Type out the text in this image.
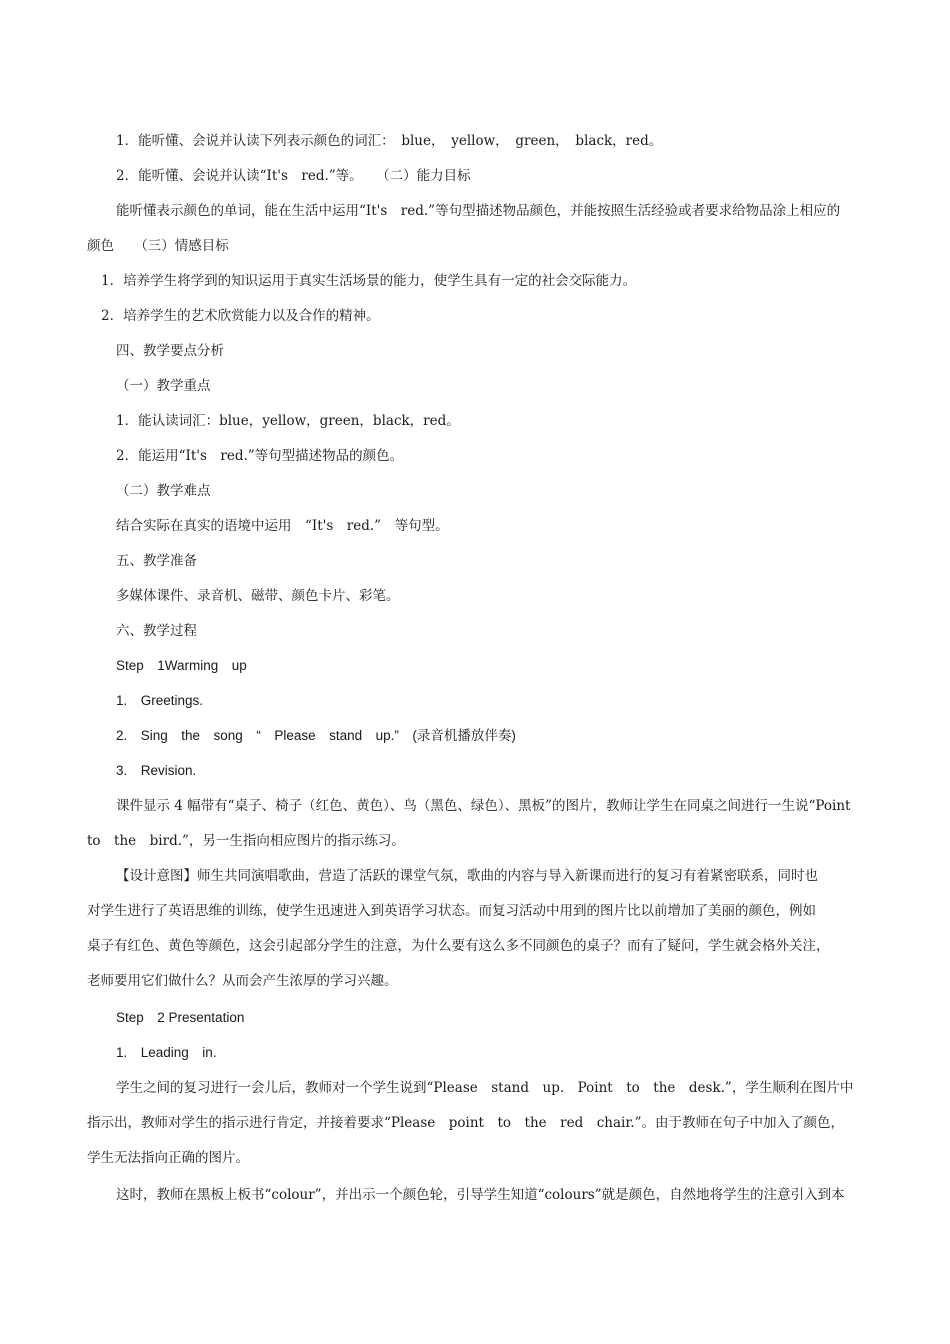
1．能听懂、会说并认读下列表示颜色的词汇：　blue，　yellow，　green，　black，red。
2．能听懂、会说并认读“It's　red.”等。　　（二）能力目标
能听懂表示颜色的单词，能在生活中运用“It's　red.”等句型描述物品颜色，并能按照生活经验或者要求给物品涂上相应的
颜色　　（三）情感目标
1．培养学生将学到的知识运用于真实生活场景的能力，使学生具有一定的社会交际能力。
2．培养学生的艺术欣赏能力以及合作的精神。
四、教学要点分析
（一）教学重点
1．能认读词汇：blue，yellow，green，black，red。
2．能运用“It's　red.”等句型描述物品的颜色。
（二）教学难点
结合实际在真实的语境中运用　“It's　red.”　等句型。
五、教学准备
多媒体课件、录音机、磁带、颜色卡片、彩笔。
六、教学过程
Step　1Warming　up
1.　Greetings.
2.　Sing　the　song　“　Please　stand　up.”　(录音机播放伴奏)
3.　Revision.
课件显示 4 幅带有“桌子、椅子（红色、黄色）、鸟（黑色、绿色）、黑板”的图片，教师让学生在同桌之间进行一生说“Point
to　the　bird.”，另一生指向相应图片的指示练习。
【设计意图】师生共同演唱歌曲，营造了活跃的课堂气氛，歌曲的内容与导入新课而进行的复习有着紧密联系，同时也
对学生进行了英语思维的训练，使学生迅速进入到英语学习状态。而复习活动中用到的图片比以前增加了美丽的颜色，例如
桌子有红色、黄色等颜色，这会引起部分学生的注意，为什么要有这么多不同颜色的桌子？而有了疑问，学生就会格外关注，
老师要用它们做什么？从而会产生浓厚的学习兴趣。
Step　2 Presentation
1.　Leading　in.
学生之间的复习进行一会儿后，教师对一个学生说到“Please　stand　up.　Point　to　the　desk.”，学生顺利在图片中
指示出，教师对学生的指示进行肯定，并接着要求“Please　point　to　the　red　chair.”。由于教师在句子中加入了颜色，
学生无法指向正确的图片。
这时，教师在黑板上板书“colour”，并出示一个颜色轮，引导学生知道“colours”就是颜色，自然地将学生的注意引入到本
